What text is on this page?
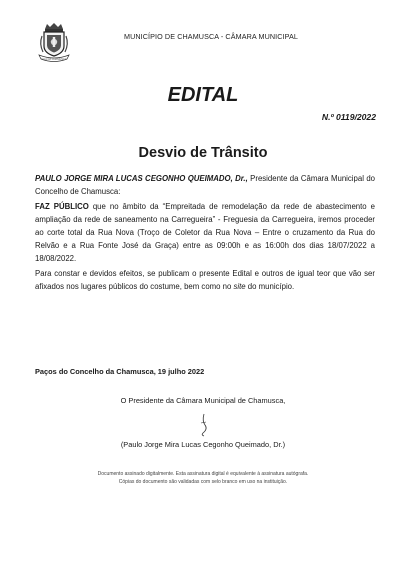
VILA DA CHAMUSCA
MUNICÍPIO DE CHAMUSCA - CÂMARA MUNICIPAL
EDITAL
N.º 0119/2022
Desvio de Trânsito

PAULO JORGE MIRA LUCAS CEGONHO QUEIMADO, Dr., Presidente da Câmara Municipal do Concelho de Chamusca:

FAZ PÚBLICO que no âmbito da “Empreitada de remodelação da rede de abastecimento e ampliação da rede de saneamento na Carregueira” - Freguesia da Carregueira, iremos proceder ao corte total da Rua Nova (Troço de Coletor da Rua Nova – Entre o cruzamento da Rua do Relvão e a Rua Fonte José da Graça) entre as 09:00h e as 16:00h dos dias 18/07/2022 a 18/08/2022.

Para constar e devidos efeitos, se publicam o presente Edital e outros de igual teor que vão ser afixados nos lugares públicos do costume, bem como no site do município.

Paços do Concelho da Chamusca, 19 julho 2022
O Presidente da Câmara Municipal de Chamusca,
(Paulo Jorge Mira Lucas Cegonho Queimado, Dr.)
Documento assinado digitalmente. Esta assinatura digital é equivalente à assinatura autógrafa.
Cópias do documento são validadas com selo branco em uso na instituição.
